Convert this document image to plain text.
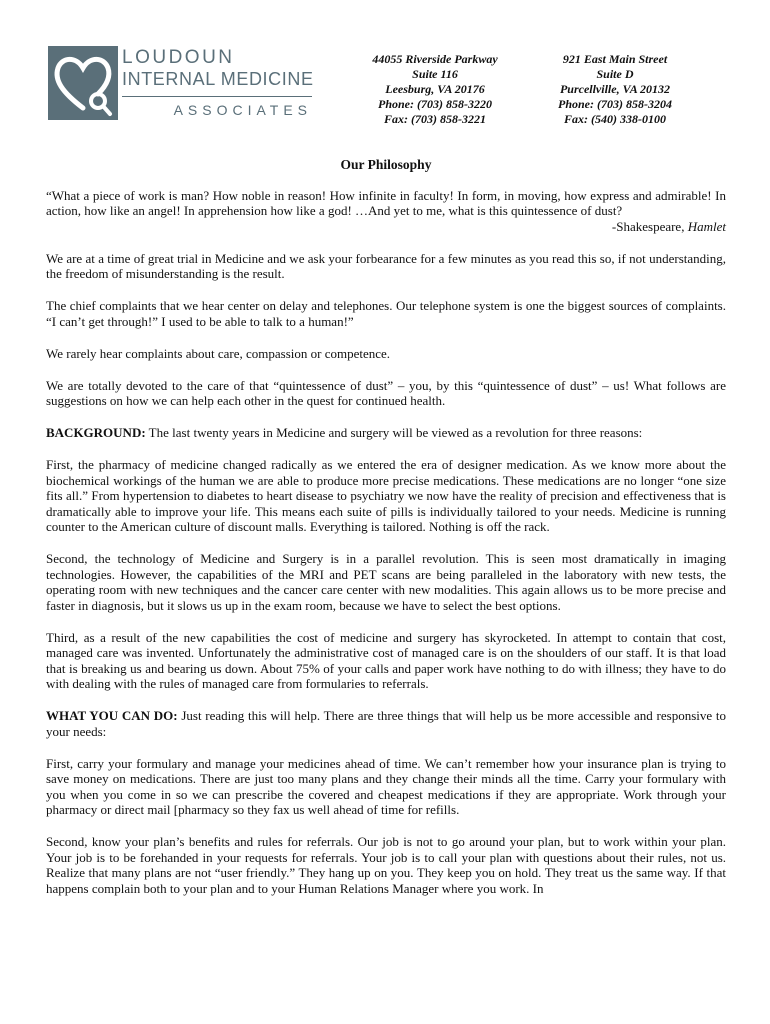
LOUDOUN
INTERNAL MEDICINE
ASSOCIATES
44055 Riverside Parkway
Suite 116
Leesburg, VA 20176
Phone: (703) 858-3220
Fax: (703) 858-3221
921 East Main Street
Suite D
Purcellville, VA 20132
Phone: (703) 858-3204
Fax: (540) 338-0100
Our Philosophy

“What a piece of work is man? How noble in reason! How infinite in faculty! In form, in moving, how express and admirable! In action, how like an angel! In apprehension how like a god! …And yet to me, what is this quintessence of dust?

-Shakespeare, Hamlet

We are at a time of great trial in Medicine and we ask your forbearance for a few minutes as you read this so, if not understanding, the freedom of misunderstanding is the result.

The chief complaints that we hear center on delay and telephones. Our telephone system is one the biggest sources of complaints. “I can’t get through!” I used to be able to talk to a human!”

We rarely hear complaints about care, compassion or competence.

We are totally devoted to the care of that “quintessence of dust” – you, by this “quintessence of dust” – us! What follows are suggestions on how we can help each other in the quest for continued health.

BACKGROUND: The last twenty years in Medicine and surgery will be viewed as a revolution for three reasons:

First, the pharmacy of medicine changed radically as we entered the era of designer medication. As we know more about the biochemical workings of the human we are able to produce more precise medications. These medications are no longer “one size fits all.” From hypertension to diabetes to heart disease to psychiatry we now have the reality of precision and effectiveness that is dramatically able to improve your life. This means each suite of pills is individually tailored to your needs. Medicine is running counter to the American culture of discount malls. Everything is tailored. Nothing is off the rack.

Second, the technology of Medicine and Surgery is in a parallel revolution. This is seen most dramatically in imaging technologies. However, the capabilities of the MRI and PET scans are being paralleled in the laboratory with new tests, the operating room with new techniques and the cancer care center with new modalities. This again allows us to be more precise and faster in diagnosis, but it slows us up in the exam room, because we have to select the best options.

Third, as a result of the new capabilities the cost of medicine and surgery has skyrocketed. In attempt to contain that cost, managed care was invented. Unfortunately the administrative cost of managed care is on the shoulders of our staff. It is that load that is breaking us and bearing us down. About 75% of your calls and paper work have nothing to do with illness; they have to do with dealing with the rules of managed care from formularies to referrals.

WHAT YOU CAN DO: Just reading this will help. There are three things that will help us be more accessible and responsive to your needs:

First, carry your formulary and manage your medicines ahead of time. We can’t remember how your insurance plan is trying to save money on medications. There are just too many plans and they change their minds all the time. Carry your formulary with you when you come in so we can prescribe the covered and cheapest medications if they are appropriate. Work through your pharmacy or direct mail [pharmacy so they fax us well ahead of time for refills.

Second, know your plan’s benefits and rules for referrals. Our job is not to go around your plan, but to work within your plan. Your job is to be forehanded in your requests for referrals. Your job is to call your plan with questions about their rules, not us. Realize that many plans are not “user friendly.” They hang up on you. They keep you on hold. They treat us the same way. If that happens complain both to your plan and to your Human Relations Manager where you work. In
